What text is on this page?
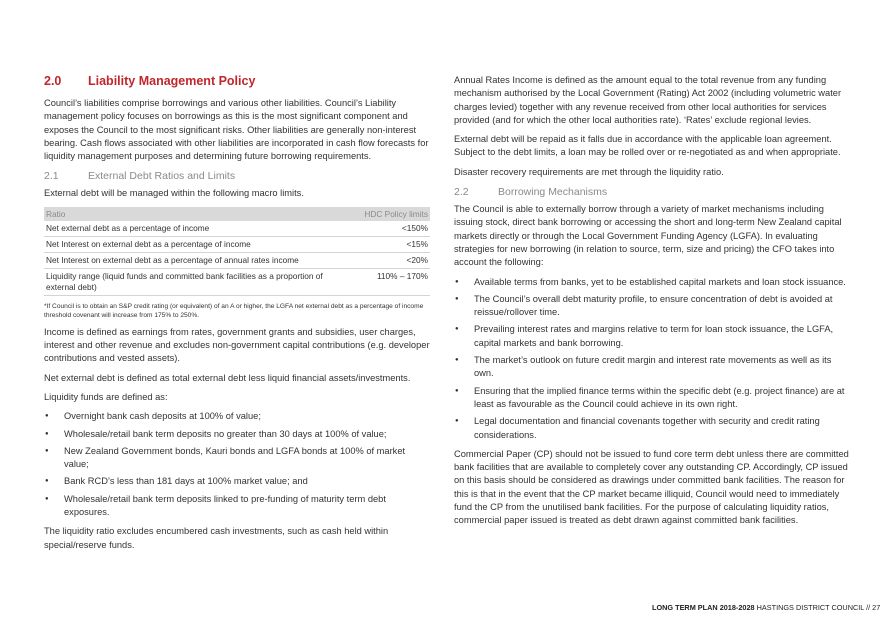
2.0 Liability Management Policy

Council’s liabilities comprise borrowings and various other liabilities. Council’s Liability management policy focuses on borrowings as this is the most significant component and exposes the Council to the most significant risks. Other liabilities are generally non-interest bearing. Cash flows associated with other liabilities are incorporated in cash flow forecasts for liquidity management purposes and determining future borrowing requirements.

2.1	External Debt Ratios and Limits

External debt will be managed within the following macro limits.

Ratio	HDC Policy limits
Net external debt as a percentage of income	<150%
Net Interest on external debt as a percentage of income	<15%
Net Interest on external debt as a percentage of annual rates income	<20%
Liquidity range (liquid funds and committed bank facilities as a proportion of external debt)	110% – 170%

*If Council is to obtain an S&P credit rating (or equivalent) of an A or higher, the LGFA net external debt as a percentage of income threshold covenant will increase from 175% to 250%.

Income is defined as earnings from rates, government grants and subsidies, user charges, interest and other revenue and excludes non-government capital contributions (e.g. developer contributions and vested assets).

Net external debt is defined as total external debt less liquid financial assets/investments.

Liquidity funds are defined as:

● Overnight bank cash deposits at 100% of value;
● Wholesale/retail bank term deposits no greater than 30 days at 100% of value;
● New Zealand Government bonds, Kauri bonds and LGFA bonds at 100% of market value;
● Bank RCD’s less than 181 days at 100% market value; and
● Wholesale/retail bank term deposits linked to pre-funding of maturity term debt exposures.

The liquidity ratio excludes encumbered cash investments, such as cash held within special/reserve funds.

Annual Rates Income is defined as the amount equal to the total revenue from any funding mechanism authorised by the Local Government (Rating) Act 2002 (including volumetric water charges levied) together with any revenue received from other local authorities for services provided (and for which the other local authorities rate). ‘Rates’ exclude regional levies.

External debt will be repaid as it falls due in accordance with the applicable loan agreement. Subject to the debt limits, a loan may be rolled over or re-negotiated as and when appropriate.

Disaster recovery requirements are met through the liquidity ratio.

2.2	Borrowing Mechanisms

The Council is able to externally borrow through a variety of market mechanisms including issuing stock, direct bank borrowing or accessing the short and long-term New Zealand capital markets directly or through the Local Government Funding Agency (LGFA). In evaluating strategies for new borrowing (in relation to source, term, size and pricing) the CFO takes into account the following:

● Available terms from banks, yet to be established capital markets and loan stock issuance.
● The Council’s overall debt maturity profile, to ensure concentration of debt is avoided at reissue/rollover time.
● Prevailing interest rates and margins relative to term for loan stock issuance, the LGFA, capital markets and bank borrowing.
● The market’s outlook on future credit margin and interest rate movements as well as its own.
● Ensuring that the implied finance terms within the specific debt (e.g. project finance) are at least as favourable as the Council could achieve in its own right.
● Legal documentation and financial covenants together with security and credit rating considerations.

Commercial Paper (CP) should not be issued to fund core term debt unless there are committed bank facilities that are available to completely cover any outstanding CP. Accordingly, CP issued on this basis should be considered as drawings under committed bank facilities. The reason for this is that in the event that the CP market became illiquid, Council would need to immediately fund the CP from the unutilised bank facilities. For the purpose of calculating liquidity ratios, commercial paper issued is treated as debt drawn against committed bank facilities.

LONG TERM PLAN 2018-2028 HASTINGS DISTRICT COUNCIL // 27
